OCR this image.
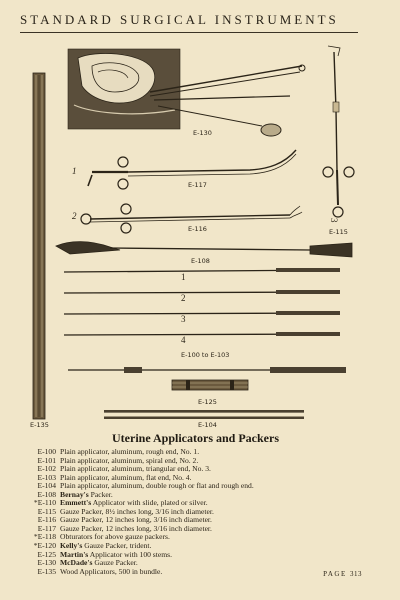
STANDARD SURGICAL INSTRUMENTS
E-130
1
E-117
2
E-116
3
E-115
E-108
1
2
3
4
E-100 to E-103
E-125
E-104
E-135
Uterine Applicators and Packers
E-100 Plain applicator, aluminum, rough end, No. 1.
E-101 Plain applicator, aluminum, spiral end, No. 2.
E-102 Plain applicator, aluminum, triangular end, No. 3.
E-103 Plain applicator, aluminum, flat end, No. 4.
E-104 Plain applicator, aluminum, double rough or flat and rough end.
E-108 Bernay's Packer.
*E-110 Emmett's Applicator with slide, plated or silver.
E-115 Gauze Packer, 8½ inches long, 3/16 inch diameter.
E-116 Gauze Packer, 12 inches long, 3/16 inch diameter.
E-117 Gauze Packer, 12 inches long, 3/16 inch diameter.
*E-118 Obturators for above gauze packers.
*E-120 Kelly's Gauze Packer, trident.
E-125 Martin's Applicator with 100 stems.
E-130 McDade's Gauze Packer.
E-135 Wood Applicators, 500 in bundle.	PAGE 313
